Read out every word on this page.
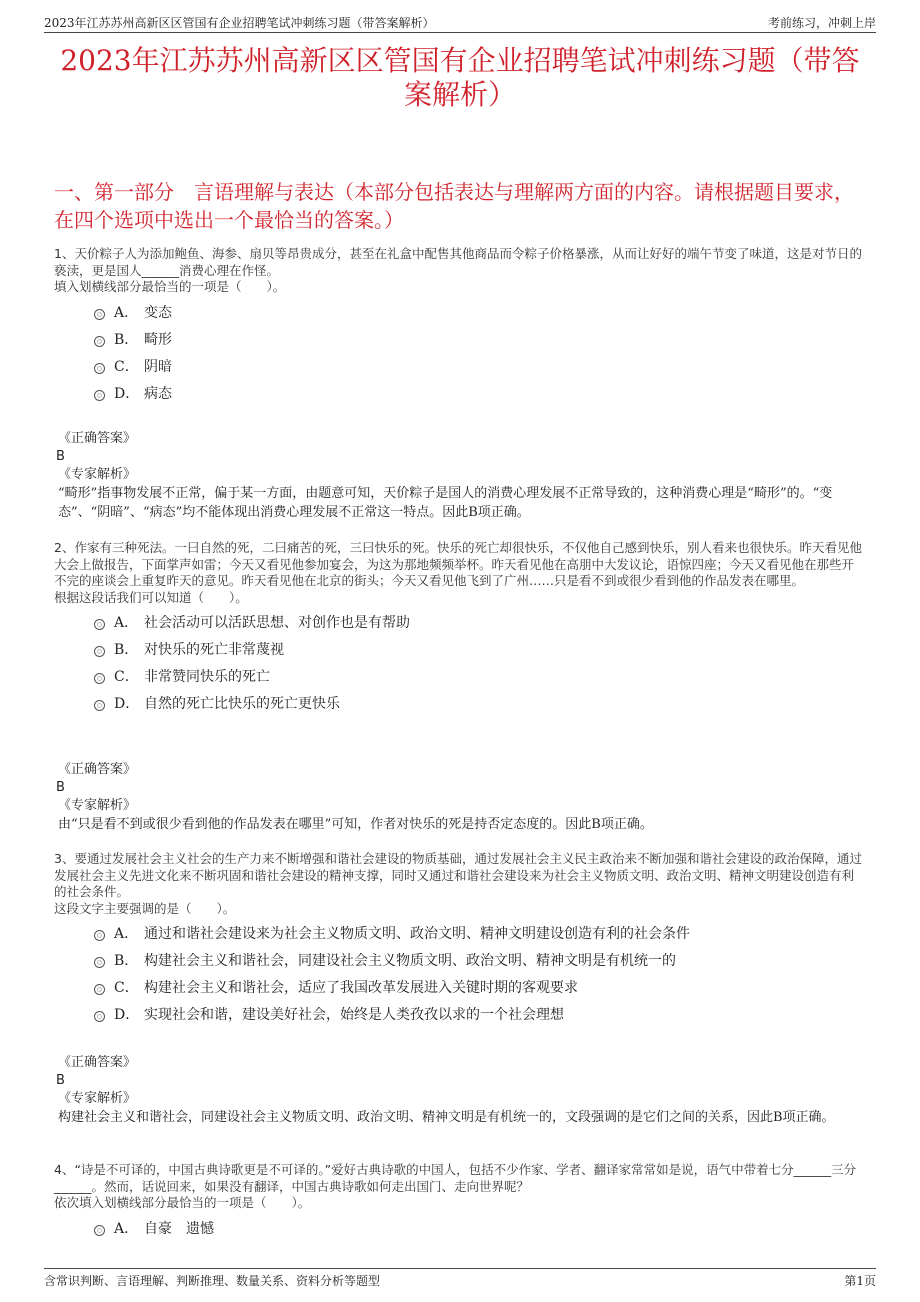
2023年江苏苏州高新区区管国有企业招聘笔试冲刺练习题（带答案解析）	考前练习，冲刺上岸
2023年江苏苏州高新区区管国有企业招聘笔试冲刺练习题（带答案解析）
一、第一部分　言语理解与表达（本部分包括表达与理解两方面的内容。请根据题目要求，在四个选项中选出一个最恰当的答案。）

1、天价粽子人为添加鲍鱼、海参、扇贝等昂贵成分，甚至在礼盒中配售其他商品而令粽子价格暴涨，从而让好好的端午节变了味道，这是对节日的亵渎，更是国人______消费心理在作怪。

填入划横线部分最恰当的一项是（　　）。

A． 变态
B． 畸形
C． 阴暗
D． 病态

《正确答案》

B

《专家解析》

“畸形”指事物发展不正常，偏于某一方面，由题意可知，天价粽子是国人的消费心理发展不正常导致的，这种消费心理是“畸形”的。“变态”、“阴暗”、“病态”均不能体现出消费心理发展不正常这一特点。因此B项正确。

2、作家有三种死法。一曰自然的死，二曰痛苦的死，三曰快乐的死。快乐的死亡却很快乐，不仅他自己感到快乐，别人看来也很快乐。昨天看见他大会上做报告，下面掌声如雷；今天又看见他参加宴会，为这为那地频频举杯。昨天看见他在高朋中大发议论，语惊四座；今天又看见他在那些开不完的座谈会上重复昨天的意见。昨天看见他在北京的街头；今天又看见他飞到了广州……只是看不到或很少看到他的作品发表在哪里。

根据这段话我们可以知道（　　）。

A． 社会活动可以活跃思想、对创作也是有帮助
B． 对快乐的死亡非常蔑视
C． 非常赞同快乐的死亡
D． 自然的死亡比快乐的死亡更快乐

《正确答案》

B

《专家解析》

由“只是看不到或很少看到他的作品发表在哪里”可知，作者对快乐的死是持否定态度的。因此B项正确。

3、要通过发展社会主义社会的生产力来不断增强和谐社会建设的物质基础，通过发展社会主义民主政治来不断加强和谐社会建设的政治保障，通过发展社会主义先进文化来不断巩固和谐社会建设的精神支撑，同时又通过和谐社会建设来为社会主义物质文明、政治文明、精神文明建设创造有利的社会条件。

这段文字主要强调的是（　　）。

A． 通过和谐社会建设来为社会主义物质文明、政治文明、精神文明建设创造有利的社会条件
B． 构建社会主义和谐社会，同建设社会主义物质文明、政治文明、精神文明是有机统一的
C． 构建社会主义和谐社会，适应了我国改革发展进入关键时期的客观要求
D． 实现社会和谐，建设美好社会，始终是人类孜孜以求的一个社会理想

《正确答案》

B

《专家解析》

构建社会主义和谐社会，同建设社会主义物质文明、政治文明、精神文明是有机统一的，文段强调的是它们之间的关系，因此B项正确。

4、“诗是不可译的，中国古典诗歌更是不可译的。”爱好古典诗歌的中国人，包括不少作家、学者、翻译家常常如是说，语气中带着七分______三分______。然而，话说回来，如果没有翻译，中国古典诗歌如何走出国门、走向世界呢？

依次填入划横线部分最恰当的一项是（　　）。

A． 自豪　遗憾
含常识判断、言语理解、判断推理、数量关系、资料分析等题型	第1页
